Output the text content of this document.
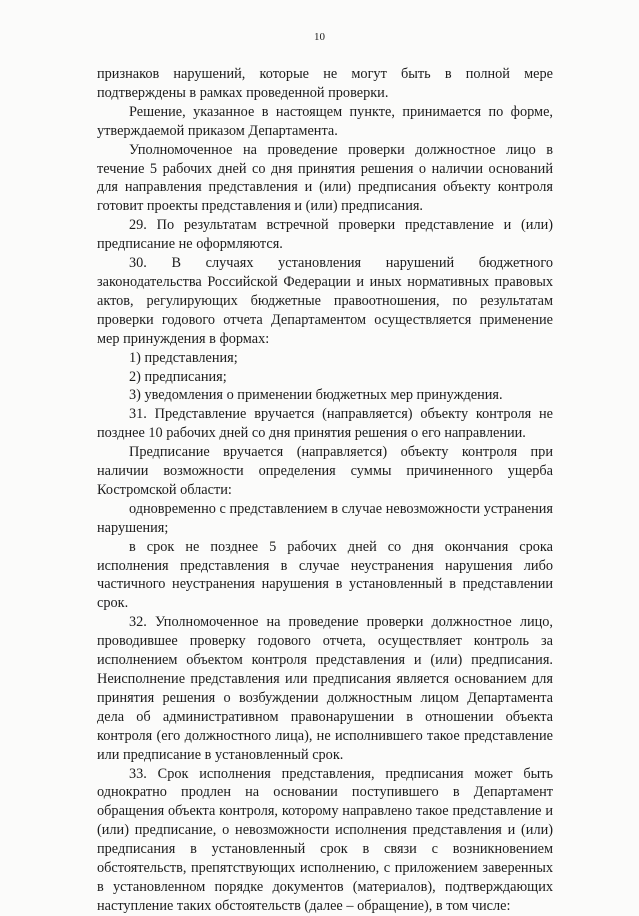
10

признаков нарушений, которые не могут быть в полной мере подтверждены в рамках проведенной проверки.

Решение, указанное в настоящем пункте, принимается по форме, утверждаемой приказом Департамента.

Уполномоченное на проведение проверки должностное лицо в течение 5 рабочих дней со дня принятия решения о наличии оснований для направления представления и (или) предписания объекту контроля готовит проекты представления и (или) предписания.

29. По результатам встречной проверки представление и (или) предписание не оформляются.

30. В случаях установления нарушений бюджетного законодательства Российской Федерации и иных нормативных правовых актов, регулирующих бюджетные правоотношения, по результатам проверки годового отчета Департаментом осуществляется применение мер принуждения в формах:

1) представления;

2) предписания;

3) уведомления о применении бюджетных мер принуждения.

31. Представление вручается (направляется) объекту контроля не позднее 10 рабочих дней со дня принятия решения о его направлении.

Предписание вручается (направляется) объекту контроля при наличии возможности определения суммы причиненного ущерба Костромской области:

одновременно с представлением в случае невозможности устранения нарушения;

в срок не позднее 5 рабочих дней со дня окончания срока исполнения представления в случае неустранения нарушения либо частичного неустранения нарушения в установленный в представлении срок.

32. Уполномоченное на проведение проверки должностное лицо, проводившее проверку годового отчета, осуществляет контроль за исполнением объектом контроля представления и (или) предписания. Неисполнение представления или предписания является основанием для принятия решения о возбуждении должностным лицом Департамента дела об административном правонарушении в отношении объекта контроля (его должностного лица), не исполнившего такое представление или предписание в установленный срок.

33. Срок исполнения представления, предписания может быть однократно продлен на основании поступившего в Департамент обращения объекта контроля, которому направлено такое представление и (или) предписание, о невозможности исполнения представления и (или) предписания в установленный срок в связи с возникновением обстоятельств, препятствующих исполнению, с приложением заверенных в установленном порядке документов (материалов), подтверждающих наступление таких обстоятельств (далее – обращение), в том числе:
